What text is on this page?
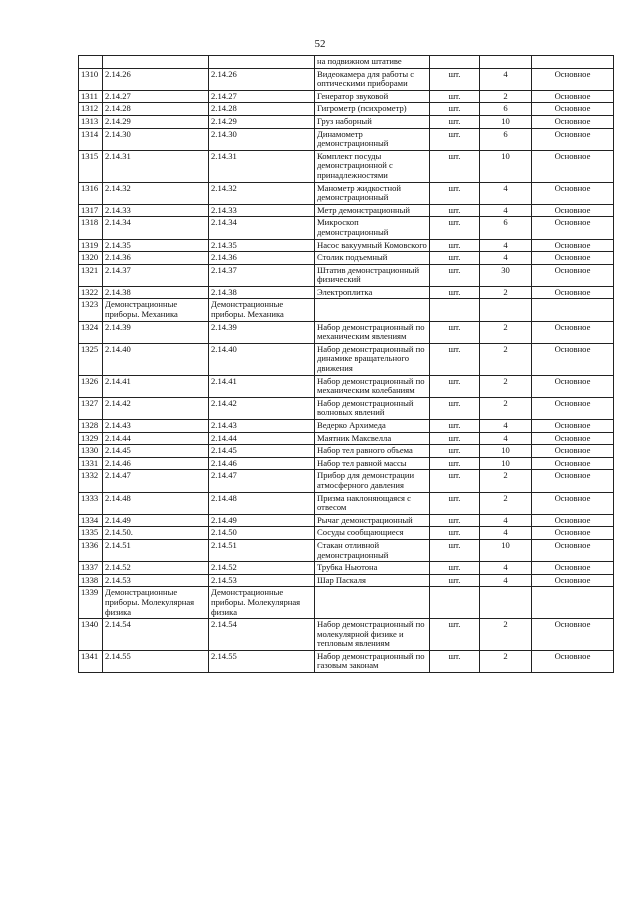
52
			на подвижном штативе			
1310	2.14.26	2.14.26	Видеокамера для работы с оптическими приборами	шт.	4	Основное
1311	2.14.27	2.14.27	Генератор звуковой	шт.	2	Основное
1312	2.14.28	2.14.28	Гигрометр (психрометр)	шт.	6	Основное
1313	2.14.29	2.14.29	Груз наборный	шт.	10	Основное
1314	2.14.30	2.14.30	Динамометр демонстрационный	шт.	6	Основное
1315	2.14.31	2.14.31	Комплект посуды демонстрационной с принадлежностями	шт.	10	Основное
1316	2.14.32	2.14.32	Манометр жидкостной демонстрационный	шт.	4	Основное
1317	2.14.33	2.14.33	Метр демонстрационный	шт.	4	Основное
1318	2.14.34	2.14.34	Микроскоп демонстрационный	шт.	6	Основное
1319	2.14.35	2.14.35	Насос вакуумный Комовского	шт.	4	Основное
1320	2.14.36	2.14.36	Столик подъемный	шт.	4	Основное
1321	2.14.37	2.14.37	Штатив демонстрационный физический	шт.	30	Основное
1322	2.14.38	2.14.38	Электроплитка	шт.	2	Основное
1323	Демонстрационные приборы. Механика	Демонстрационные приборы. Механика				
1324	2.14.39	2.14.39	Набор демонстрационный по механическим явлениям	шт.	2	Основное
1325	2.14.40	2.14.40	Набор демонстрационный по динамике вращательного движения	шт.	2	Основное
1326	2.14.41	2.14.41	Набор демонстрационный по механическим колебаниям	шт.	2	Основное
1327	2.14.42	2.14.42	Набор демонстрационный волновых явлений	шт.	2	Основное
1328	2.14.43	2.14.43	Ведерко Архимеда	шт.	4	Основное
1329	2.14.44	2.14.44	Маятник Максвелла	шт.	4	Основное
1330	2.14.45	2.14.45	Набор тел равного объема	шт.	10	Основное
1331	2.14.46	2.14.46	Набор тел равной массы	шт.	10	Основное
1332	2.14.47	2.14.47	Прибор для демонстрации атмосферного давления	шт.	2	Основное
1333	2.14.48	2.14.48	Призма наклоняющаяся с отвесом	шт.	2	Основное
1334	2.14.49	2.14.49	Рычаг демонстрационный	шт.	4	Основное
1335	2.14.50.	2.14.50	Сосуды сообщающиеся	шт.	4	Основное
1336	2.14.51	2.14.51	Стакан отливной демонстрационный	шт.	10	Основное
1337	2.14.52	2.14.52	Трубка Ньютона	шт.	4	Основное
1338	2.14.53	2.14.53	Шар Паскаля	шт.	4	Основное
1339	Демонстрационные приборы. Молекулярная физика	Демонстрационные приборы. Молекулярная физика				
1340	2.14.54	2.14.54	Набор демонстрационный по молекулярной физике и тепловым явлениям	шт.	2	Основное
1341	2.14.55	2.14.55	Набор демонстрационный по газовым законам	шт.	2	Основное
